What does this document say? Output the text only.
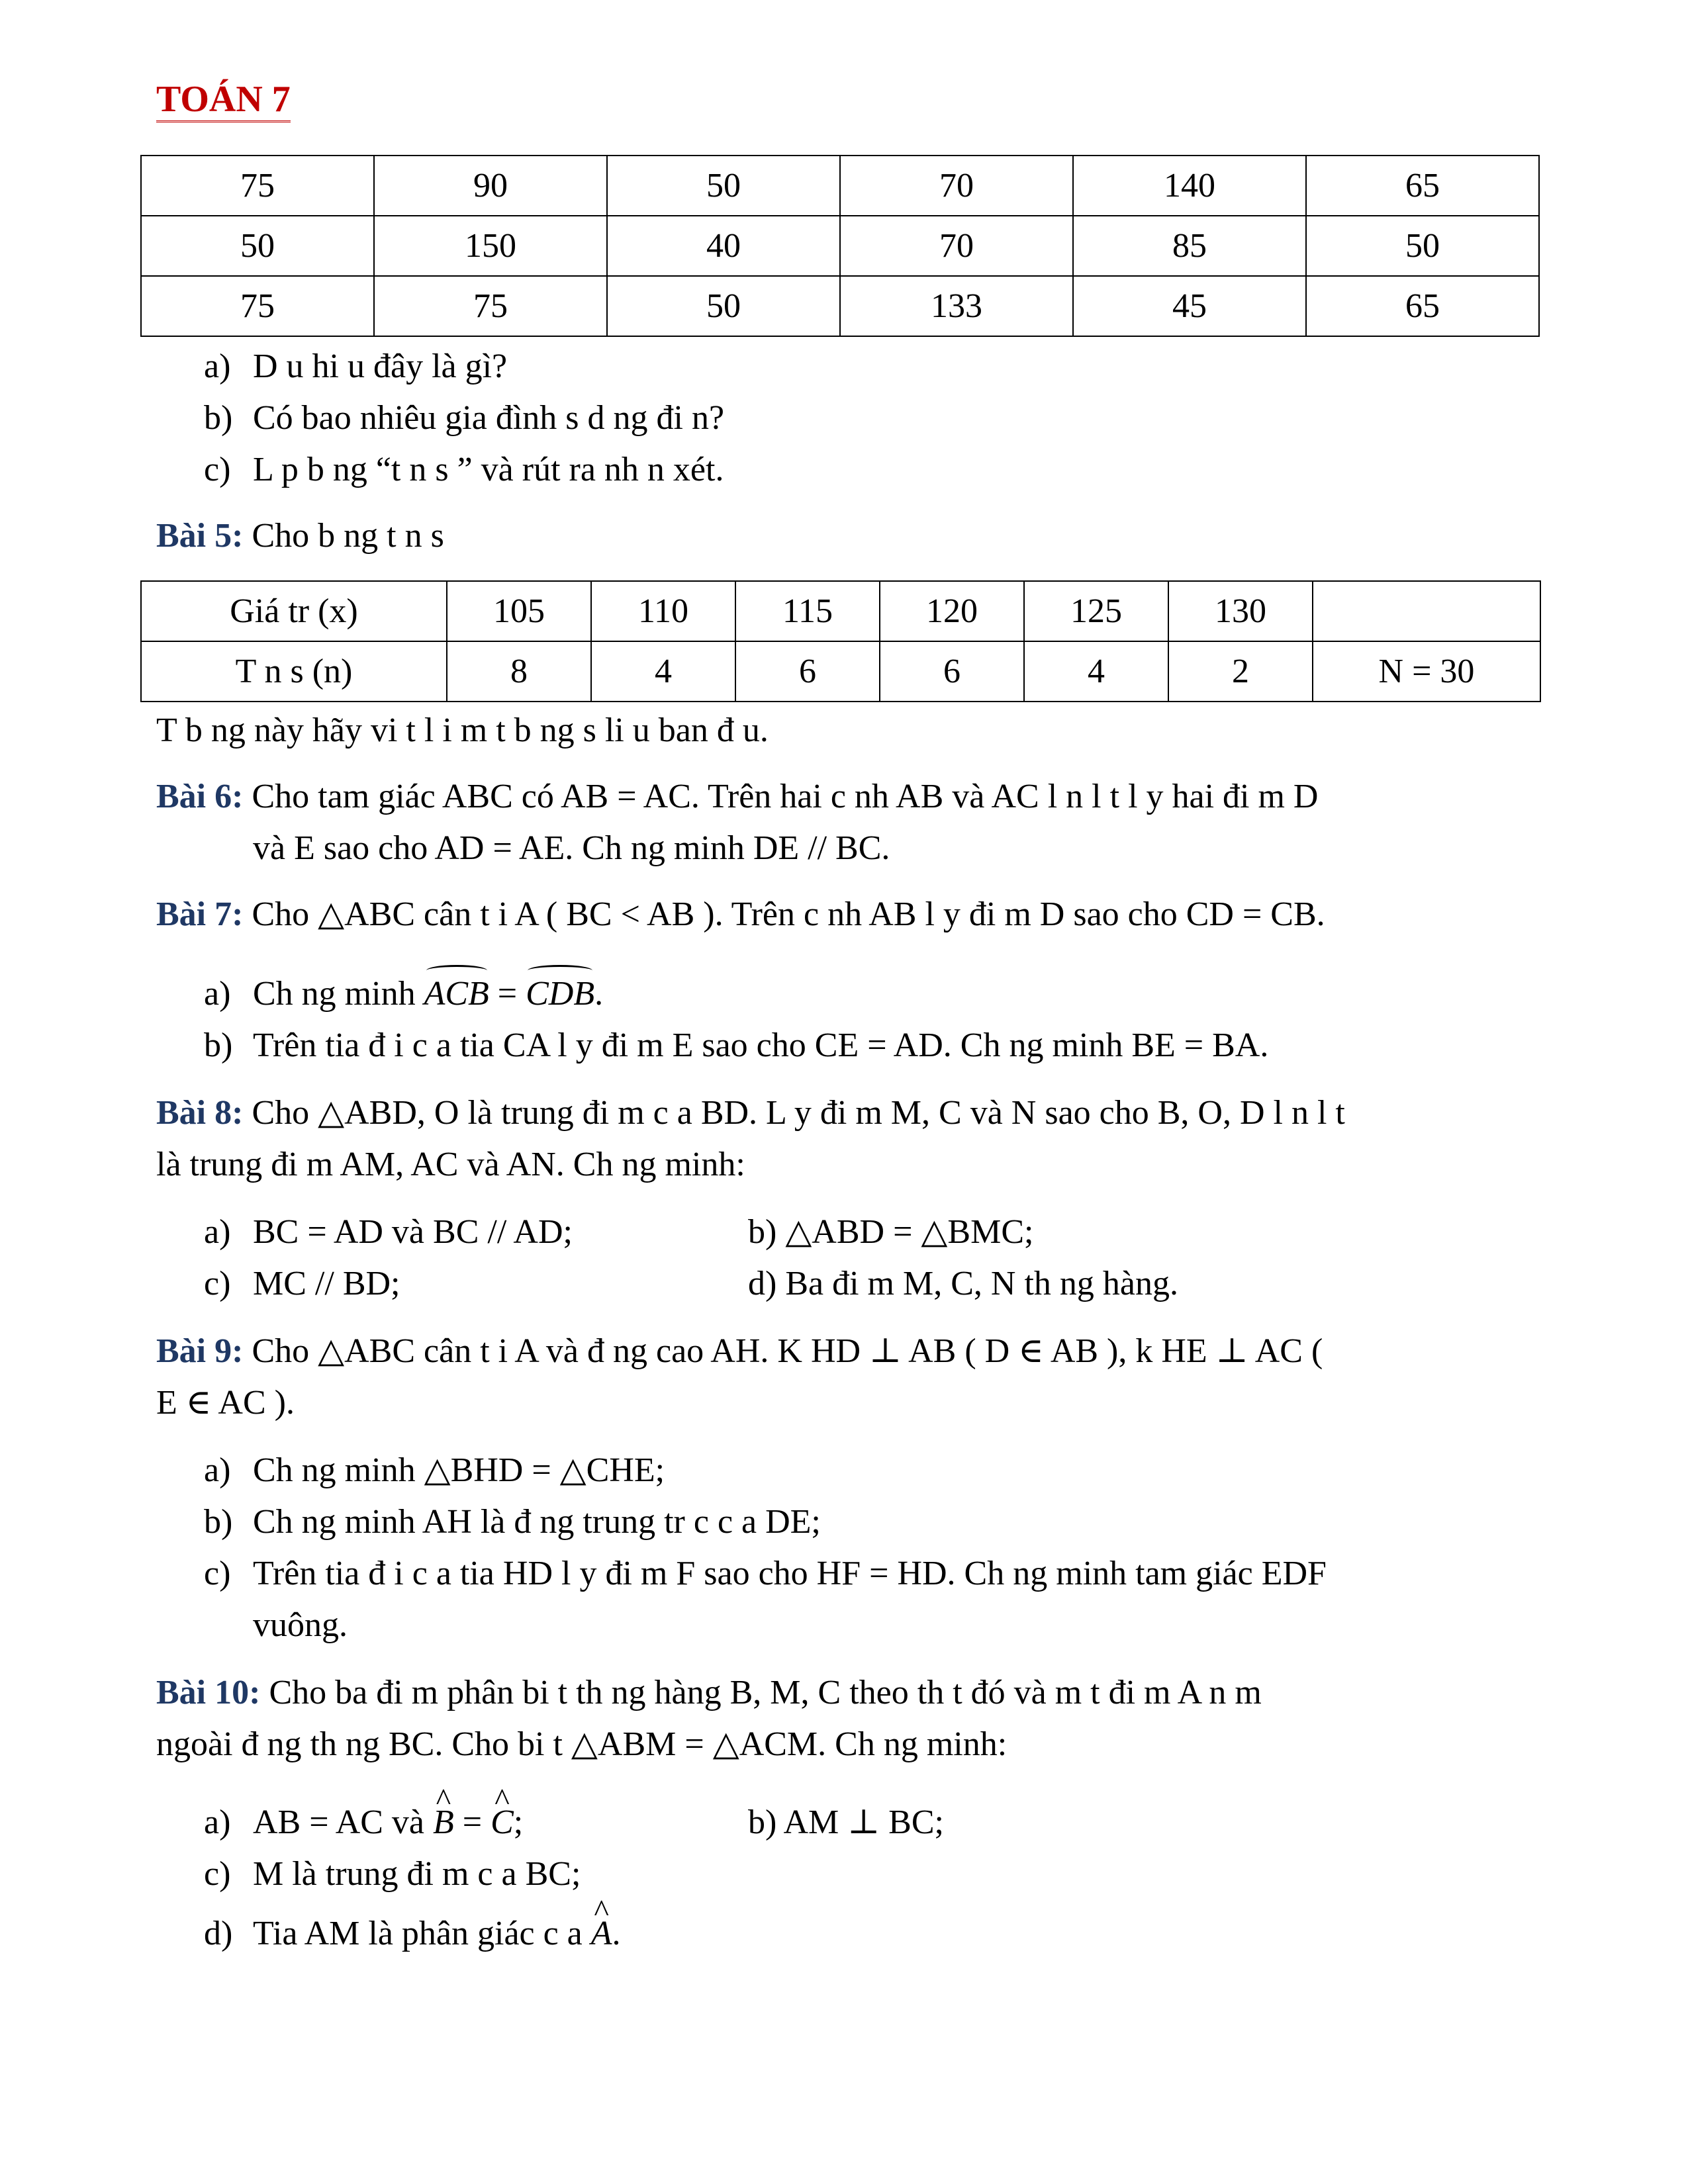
TOÁN 7
75	90	50	70	140	65
50	150	40	70	85	50
75	75	50	133	45	65
a) D u hi u đây là gì?
b) Có bao nhiêu gia đình s d ng đi n?
c) L p b ng “t n s ” và rút ra nh n xét.
Bài 5: Cho b ng t n s
Giá tr (x)	105	110	115	120	125	130	
T n s (n)	8	4	6	6	4	2	N = 30
T b ng này hãy vi t l i m t b ng s li u ban đ u.
Bài 6: Cho tam giác ABC có AB = AC. Trên hai c nh AB và AC l n l t l y hai đi m D
và E sao cho AD = AE. Ch ng minh DE // BC.
Bài 7: Cho △ABC cân t i A ( BC < AB ). Trên c nh AB l y đi m D sao cho CD = CB.
a) Ch ng minh ACB = CDB.
b) Trên tia đ i c a tia CA l y đi m E sao cho CE = AD. Ch ng minh BE = BA.
Bài 8: Cho △ABD, O là trung đi m c a BD. L y đi m M, C và N sao cho B, O, D l n l t
là trung đi m AM, AC và AN. Ch ng minh:
a) BC = AD và BC // AD;	b) △ABD = △BMC;
c) MC // BD;	d) Ba đi m M, C, N th ng hàng.
Bài 9: Cho △ABC cân t i A và đ ng cao AH. K HD ⊥ AB ( D ∈ AB ), k HE ⊥ AC (
E ∈ AC ).
a) Ch ng minh △BHD = △CHE;
b) Ch ng minh AH là đ ng trung tr c c a DE;
c) Trên tia đ i c a tia HD l y đi m F sao cho HF = HD. Ch ng minh tam giác EDF
vuông.
Bài 10: Cho ba đi m phân bi t th ng hàng B, M, C theo th t đó và m t đi m A n m
ngoài đ ng th ng BC. Cho bi t △ABM = △ACM. Ch ng minh:
a) AB = AC và ^ B = ^ C;	b) AM ⊥ BC;
c) M là trung đi m c a BC;
d) Tia AM là phân giác c a ^ A.
